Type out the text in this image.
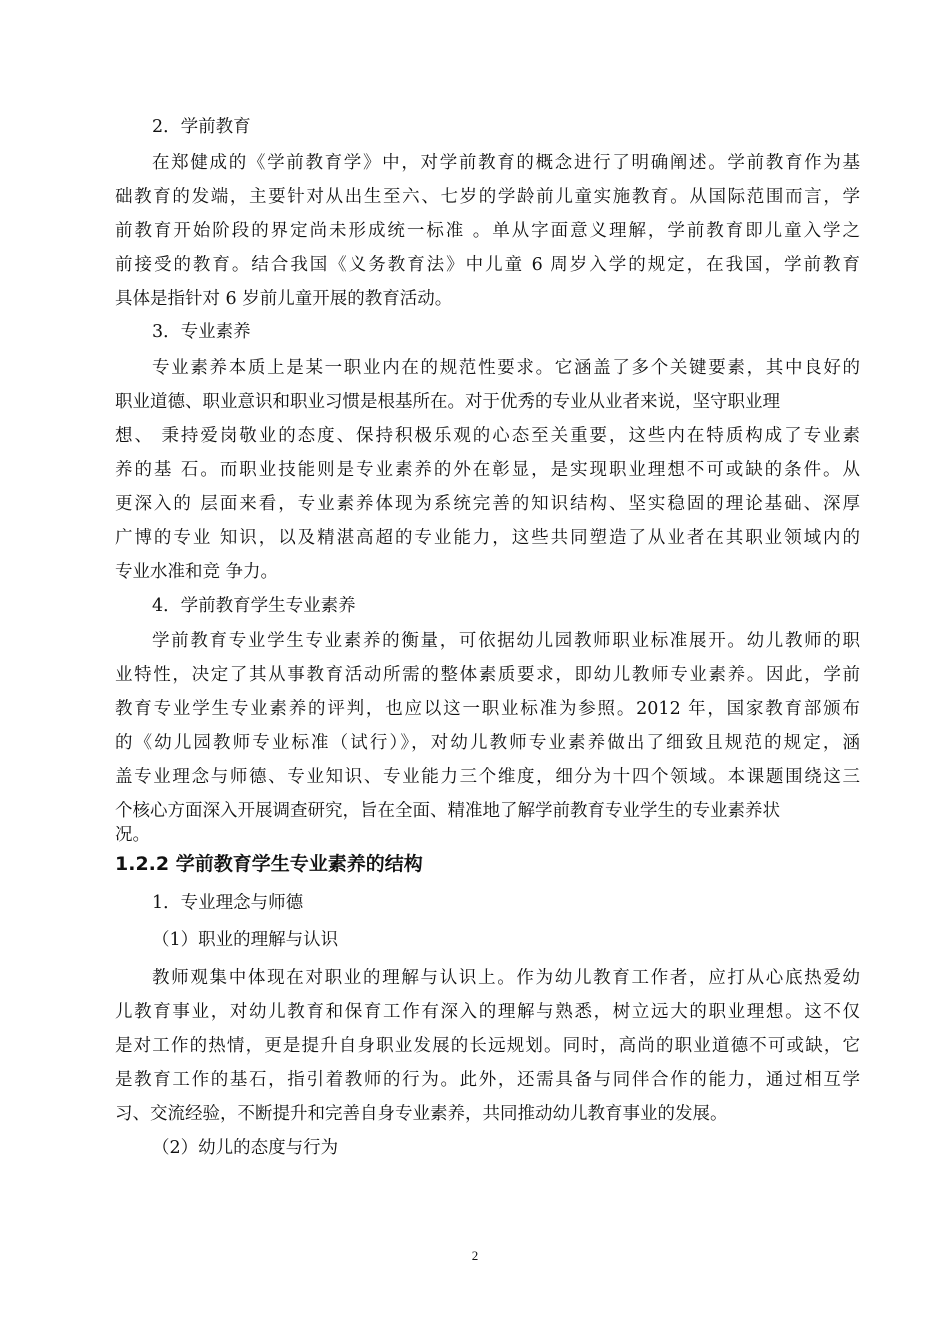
2．学前教育
在郑健成的《学前教育学》中，对学前教育的概念进行了明确阐述。学前教育作为基
础教育的发端，主要针对从出生至六、七岁的学龄前儿童实施教育。从国际范围而言，学
前教育开始阶段的界定尚未形成统一标准 。单从字面意义理解，学前教育即儿童入学之
前接受的教育。结合我国《义务教育法》中儿童 6 周岁入学的规定，在我国，学前教育
具体是指针对 6 岁前儿童开展的教育活动。
3．专业素养
专业素养本质上是某一职业内在的规范性要求。它涵盖了多个关键要素，其中良好的
职业道德、职业意识和职业习惯是根基所在。对于优秀的专业从业者来说，坚守职业理
想、 秉持爱岗敬业的态度、保持积极乐观的心态至关重要，这些内在特质构成了专业素
养的基 石。而职业技能则是专业素养的外在彰显，是实现职业理想不可或缺的条件。从
更深入的 层面来看，专业素养体现为系统完善的知识结构、坚实稳固的理论基础、深厚
广博的专业 知识，以及精湛高超的专业能力，这些共同塑造了从业者在其职业领域内的
专业水准和竞 争力。
4．学前教育学生专业素养
学前教育专业学生专业素养的衡量，可依据幼儿园教师职业标准展开。幼儿教师的职
业特性，决定了其从事教育活动所需的整体素质要求，即幼儿教师专业素养。因此，学前
教育专业学生专业素养的评判，也应以这一职业标准为参照。2012 年，国家教育部颁布
的《幼儿园教师专业标准（试行）》，对幼儿教师专业素养做出了细致且规范的规定，涵
盖专业理念与师德、专业知识、专业能力三个维度，细分为十四个领域。本课题围绕这三
个核心方面深入开展调查研究，旨在全面、精准地了解学前教育专业学生的专业素养状
况。
1.2.2 学前教育学生专业素养的结构
1．专业理念与师德
（1）职业的理解与认识
教师观集中体现在对职业的理解与认识上。作为幼儿教育工作者，应打从心底热爱幼
儿教育事业，对幼儿教育和保育工作有深入的理解与熟悉，树立远大的职业理想。这不仅
是对工作的热情，更是提升自身职业发展的长远规划。同时，高尚的职业道德不可或缺，它
是教育工作的基石，指引着教师的行为。此外，还需具备与同伴合作的能力，通过相互学
习、交流经验，不断提升和完善自身专业素养，共同推动幼儿教育事业的发展。
（2）幼儿的态度与行为
2
